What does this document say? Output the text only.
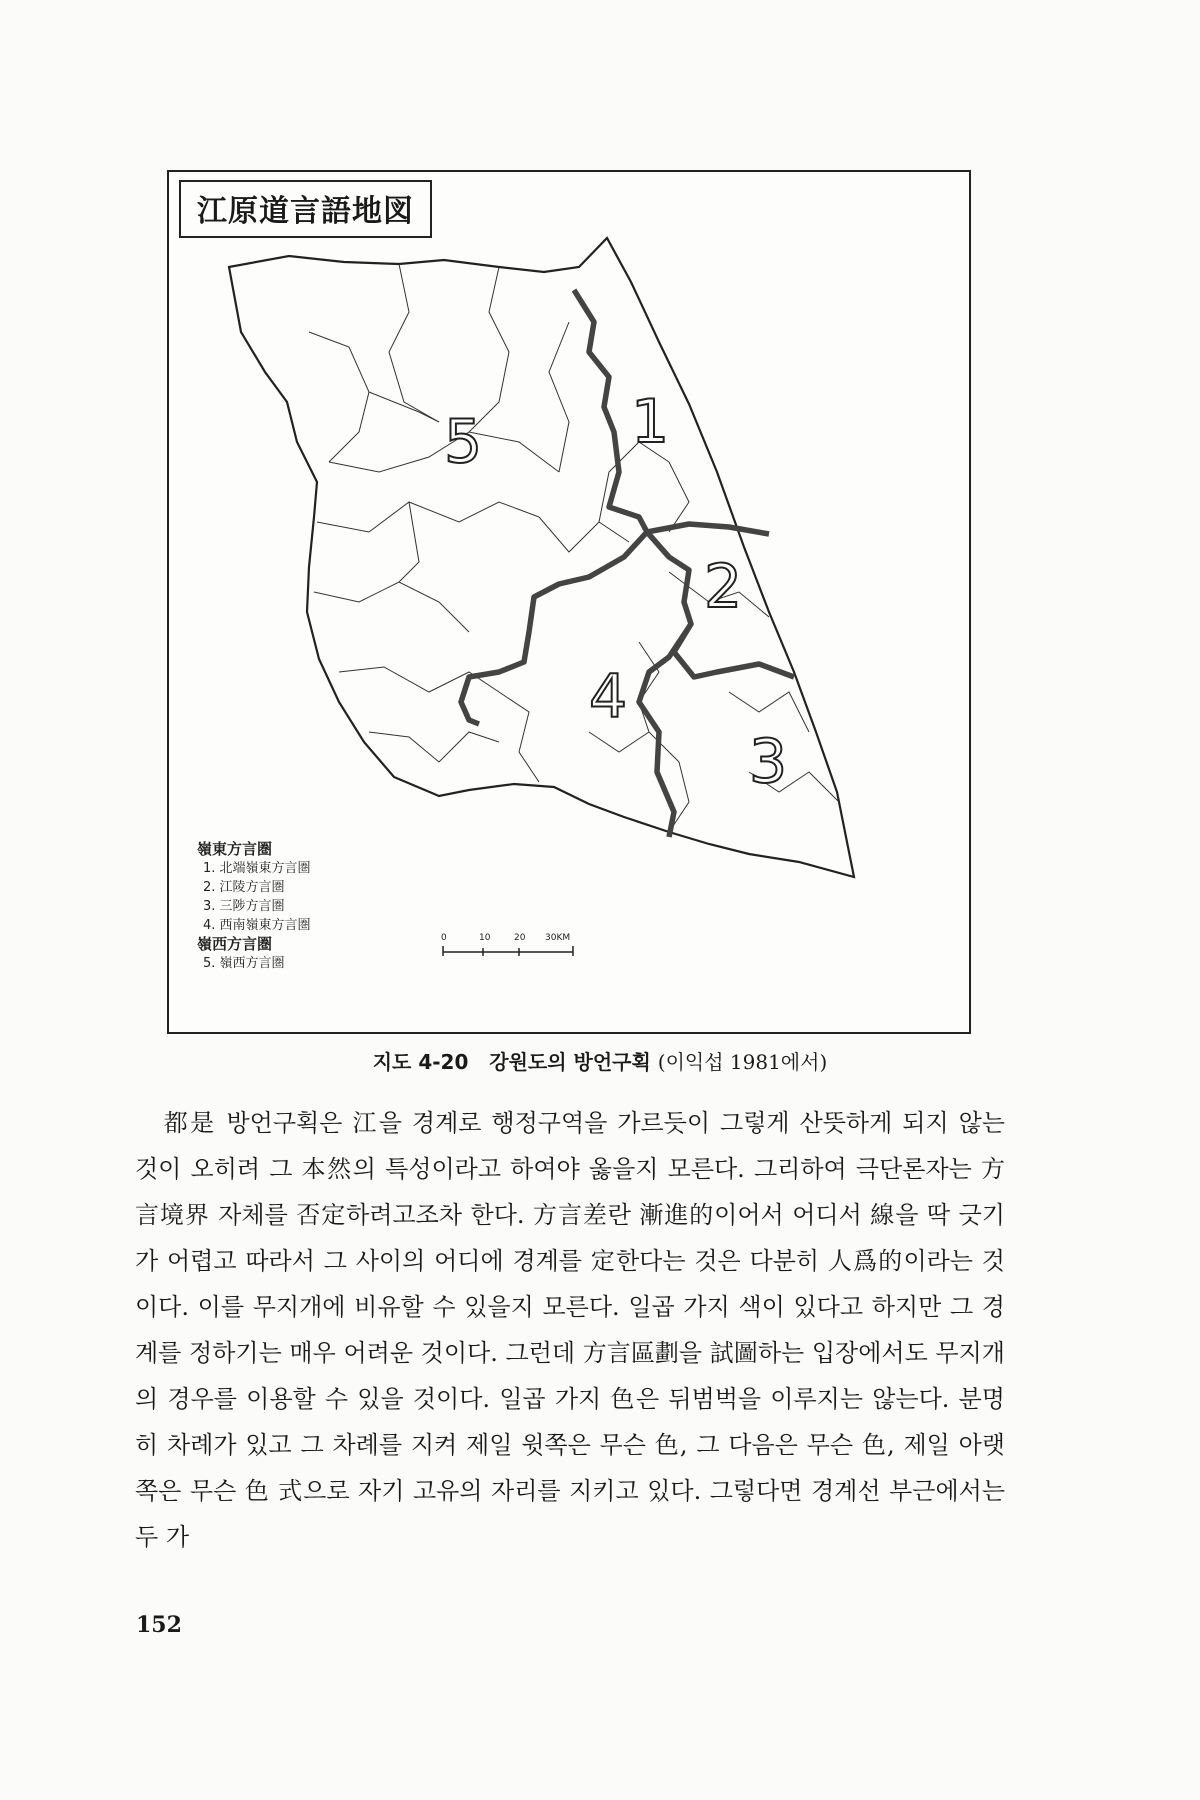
1
2
3
4
5
江原道言語地図
嶺東方言圏
1. 北端嶺東方言圏
2. 江陵方言圏
3. 三陟方言圏
4. 西南嶺東方言圏
嶺西方言圏
5. 嶺西方言圏
0	10	20 30KM
지도 4-20 강원도의 방언구획 (이익섭 1981에서)

都是 방언구획은 江을 경계로 행정구역을 가르듯이 그렇게 산뜻하게 되지 않는 것이 오히려 그 本然의 특성이라고 하여야 옳을지 모른다. 그리하여 극단론자는 方言境界 자체를 否定하려고조차 한다. 方言差란 漸進的이어서 어디서 線을 딱 긋기가 어렵고 따라서 그 사이의 어디에 경계를 定한다는 것은 다분히 人爲的이라는 것이다. 이를 무지개에 비유할 수 있을지 모른다. 일곱 가지 색이 있다고 하지만 그 경계를 정하기는 매우 어려운 것이다. 그런데 方言區劃을 試圖하는 입장에서도 무지개의 경우를 이용할 수 있을 것이다. 일곱 가지 色은 뒤범벅을 이루지는 않는다. 분명히 차례가 있고 그 차례를 지켜 제일 윗쪽은 무슨 色, 그 다음은 무슨 色, 제일 아랫쪽은 무슨 色 式으로 자기 고유의 자리를 지키고 있다. 그렇다면 경계선 부근에서는 두 가

152
